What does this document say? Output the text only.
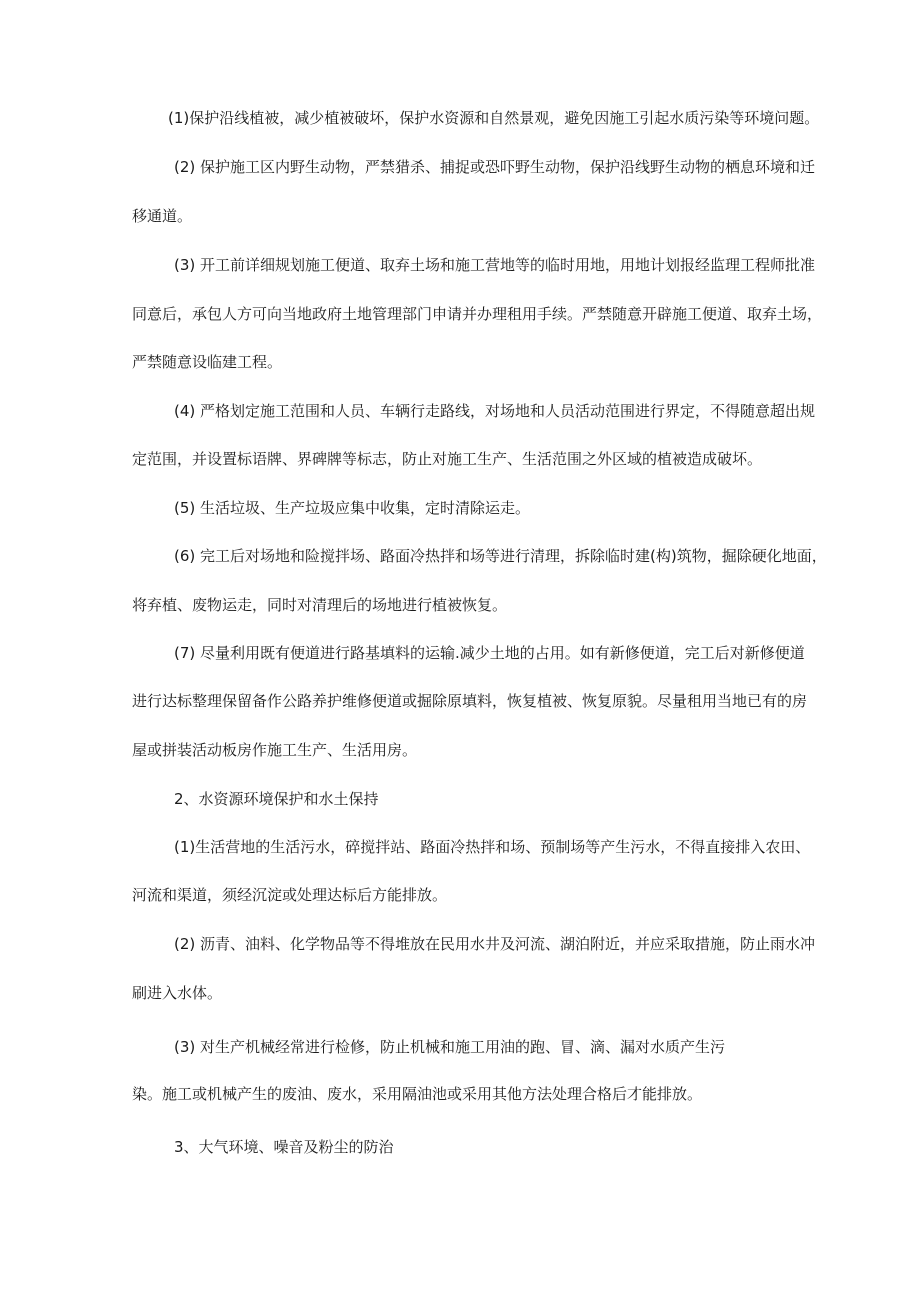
(1)保护沿线植被，减少植被破坏，保护水资源和自然景观，避免因施工引起水质污染等环境问题。
(2) 保护施工区内野生动物，严禁猎杀、捕捉或恐吓野生动物，保护沿线野生动物的栖息环境和迁
移通道。
(3) 开工前详细规划施工便道、取弃土场和施工营地等的临时用地，用地计划报经监理工程师批准
同意后，承包人方可向当地政府土地管理部门申请并办理租用手续。严禁随意开辟施工便道、取弃土场，
严禁随意设临建工程。
(4) 严格划定施工范围和人员、车辆行走路线，对场地和人员活动范围进行界定，不得随意超出规
定范围，并设置标语牌、界碑牌等标志，防止对施工生产、生活范围之外区域的植被造成破坏。
(5) 生活垃圾、生产垃圾应集中收集，定时清除运走。
(6) 完工后对场地和险搅拌场、路面冷热拌和场等进行清理，拆除临时建(构)筑物，掘除硬化地面，
将弃植、废物运走，同时对清理后的场地进行植被恢复。
(7) 尽量利用既有便道进行路基填料的运输.减少土地的占用。如有新修便道，完工后对新修便道
进行达标整理保留备作公路养护维修便道或掘除原填料，恢复植被、恢复原貌。尽量租用当地已有的房
屋或拼装活动板房作施工生产、生活用房。
2、水资源环境保护和水土保持
(1)生活营地的生活污水，碎搅拌站、路面冷热拌和场、预制场等产生污水，不得直接排入农田、
河流和渠道，须经沉淀或处理达标后方能排放。
(2) 沥青、油料、化学物品等不得堆放在民用水井及河流、湖泊附近，并应采取措施，防止雨水冲
刷进入水体。
(3) 对生产机械经常进行检修，防止机械和施工用油的跑、冒、滴、漏对水质产生污
染。施工或机械产生的废油、废水，采用隔油池或采用其他方法处理合格后才能排放。
3、大气环境、噪音及粉尘的防治
